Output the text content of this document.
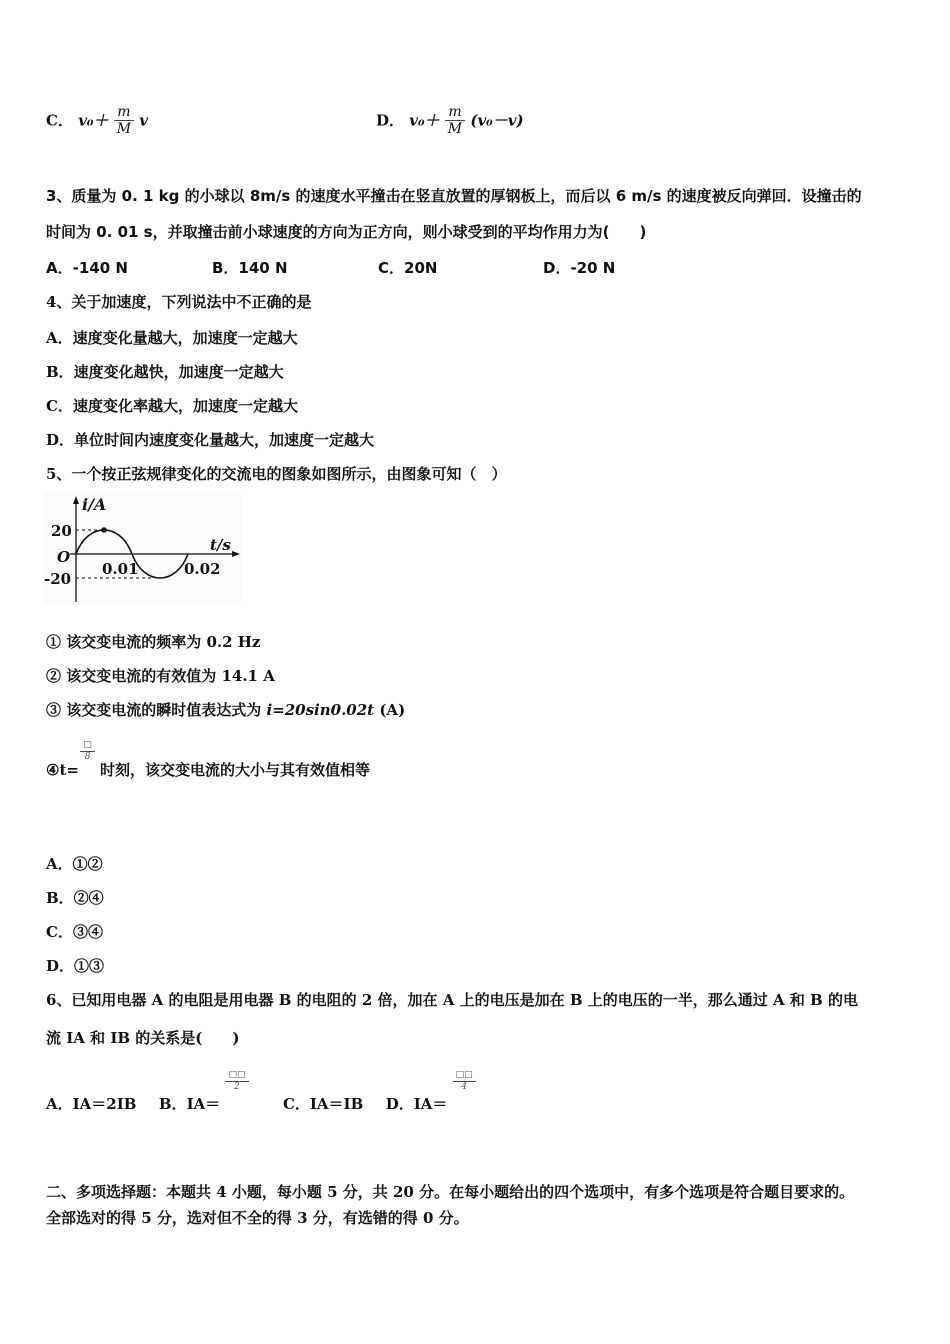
C． $v_0+ \frac{m}{M}$ v	D． $v_0+ \frac{m}{M} (v_0-v)$
3、质量为 0. 1 kg 的小球以 8m/s 的速度水平撞击在竖直放置的厚钢板上，而后以 6 m/s 的速度被反向弹回．设撞击的
时间为 0. 01 s，并取撞击前小球速度的方向为正方向，则小球受到的平均作用力为(　　)
A．-140 N	B．140 N	C．20N	D．-20 N
4、关于加速度，下列说法中不正确的是
A．速度变化量越大，加速度一定越大
B．速度变化越快，加速度一定越大
C．速度变化率越大，加速度一定越大
D．单位时间内速度变化量越大，加速度一定越大
5、一个按正弦规律变化的交流电的图象如图所示，由图象可知（　）
i/A
t/s
O
20
-20
0.01	0.02
① 该交变电流的频率为 0.2 Hz
② 该交变电流的有效值为 14.1 A
③ 该交变电流的瞬时值表达式为 i=20sin0.02t (A)
④t=
$\frac{□}{8}$
时刻，该交变电流的大小与其有效值相等
A．①②
B．②④
C．③④
D．①③
6、已知用电器 A 的电阻是用电器 B 的电阻的 2 倍，加在 A 上的电压是加在 B 上的电压的一半，那么通过 A 和 B 的电
流 IA 和 IB 的关系是(　　)
A．IA＝2IB B．IA＝
$\frac{□□}{2}$
C．IA＝IB D．IA＝
$\frac{□□}{4}$
二、多项选择题：本题共 4 小题，每小题 5 分，共 20 分。在每小题给出的四个选项中，有多个选项是符合题目要求的。
全部选对的得 5 分，选对但不全的得 3 分，有选错的得 0 分。
